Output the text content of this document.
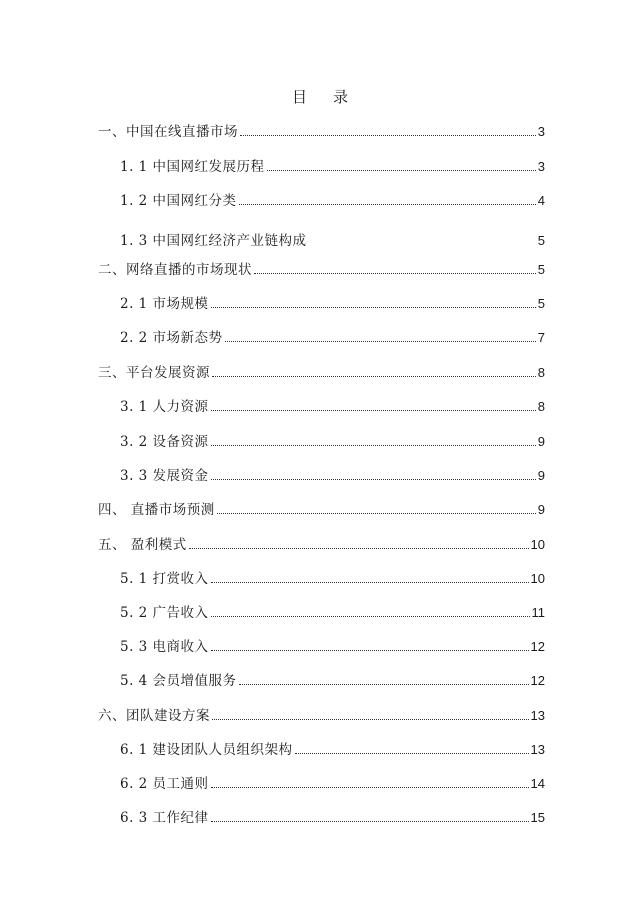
目 录
一、中国在线直播市场	3
1. 1 中国网红发展历程	3
1. 2 中国网红分类	4
1. 3 中国网红经济产业链构成	5
二、网络直播的市场现状	5
2. 1 市场规模	5
2. 2 市场新态势	7
三、平台发展资源	8
3. 1 人力资源	8
3. 2 设备资源	9
3. 3 发展资金	9
四、 直播市场预测	9
五、 盈利模式	10
5. 1 打赏收入	10
5. 2 广告收入	11
5. 3 电商收入	12
5. 4 会员增值服务	12
六、团队建设方案	13
6. 1 建设团队人员组织架构	13
6. 2 员工通则	14
6. 3 工作纪律	15
